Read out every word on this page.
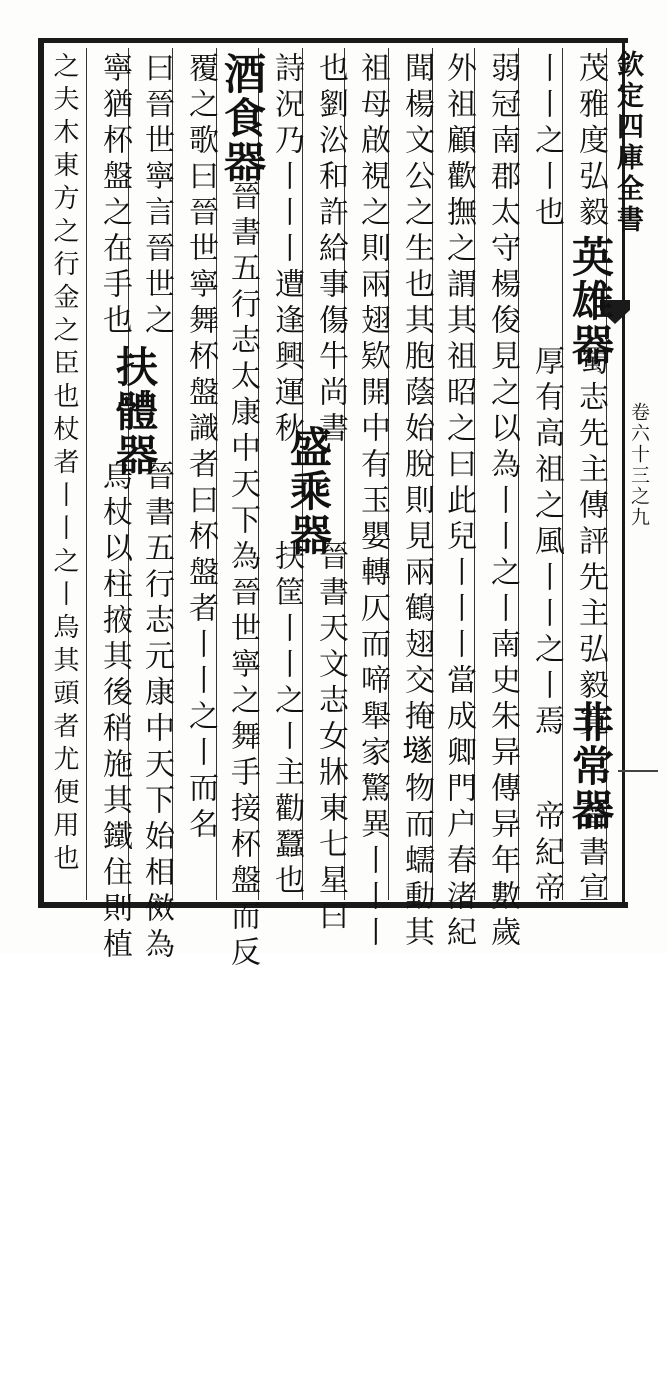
欽定四庫全書
卷六十三之九
茂雅度弘毅
英雄器
蜀志先主傳評先主弘毅寛
丨丨之丨也
厚有高祖之風丨丨之丨焉
非常器
晉書宣
帝紀帝
弱冠南郡太守楊俊見之以為丨丨之丨南史朱异傳异年數歲
外祖顧歡撫之謂其祖昭之曰此兒丨丨丨當成卿門户春渚紀
聞楊文公之生也其胞蔭始脫則見兩鶴翅交掩𡑞物而蠕動其
祖母啟視之則兩翅欵開中有玉嬰轉仄而啼舉家驚異丨丨丨
也劉㳂和許給事傷牛尚書
詩況乃丨丨丨遭逢興運秋
盛乘器
晉書天文志女牀東七星曰
扶筐丨丨之丨主勸蠶也
酒食器
晉書五行志太康中天下為晉世寧之舞手接杯盤而反
覆之歌曰晉世寧舞杯盤識者曰杯盤者丨丨之丨而名
曰晉世寧言晉世之
寧猶杯盤之在手也
扶體器
晉書五行志元康中天下始相傚為
烏杖以柱掖其後稍施其鐵住則植
之夫木東方之行金之臣也杖者丨丨之丨烏其頭者尤便用也
